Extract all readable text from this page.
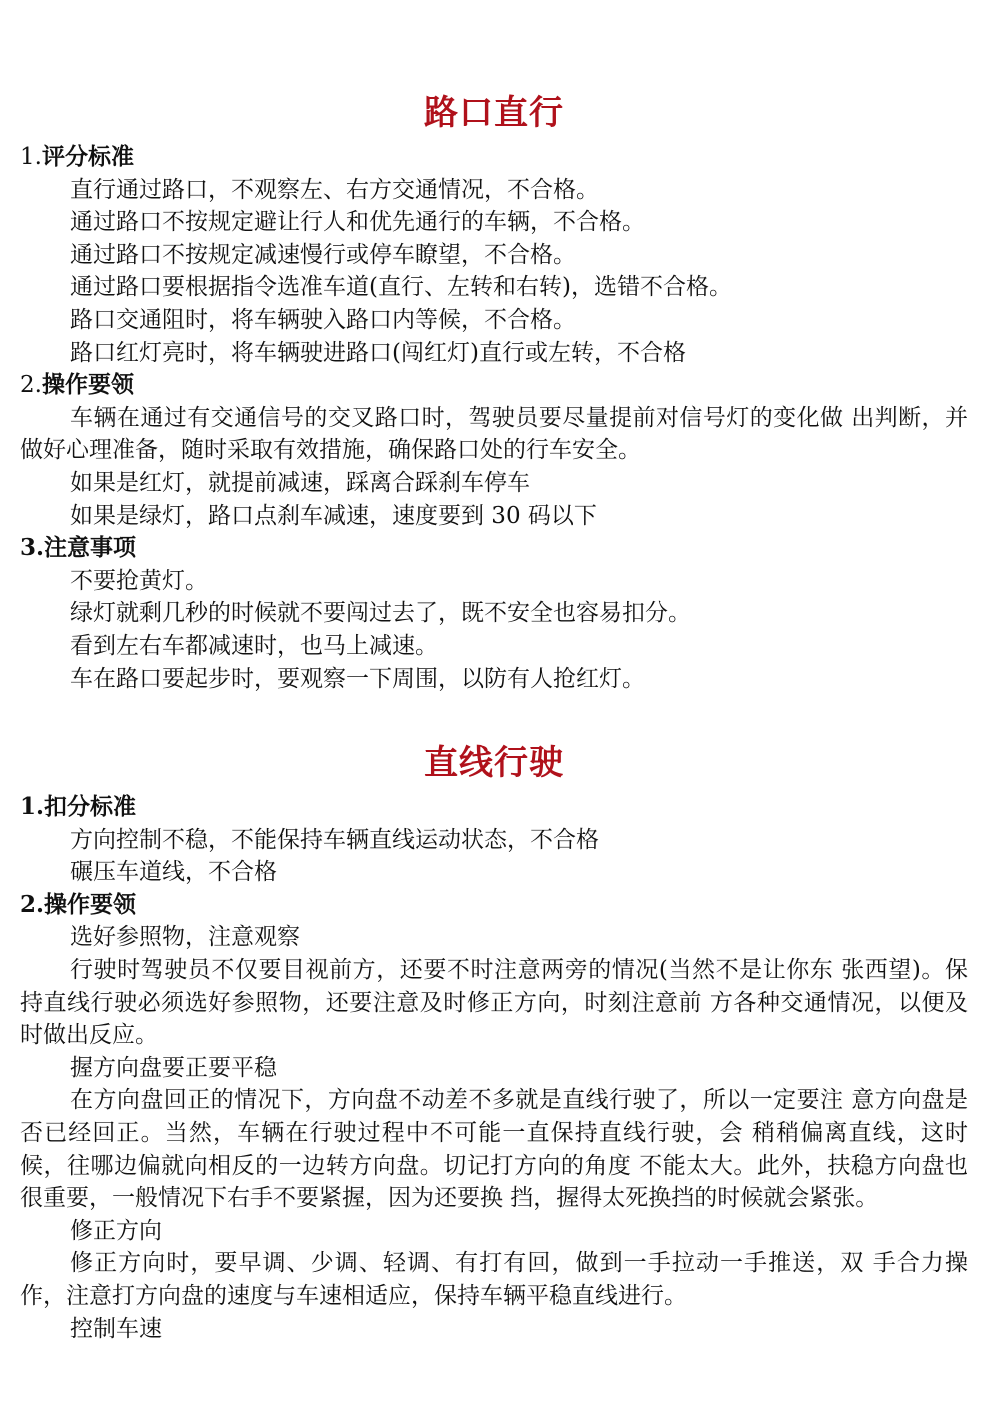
路口直行

1.评分标准

直行通过路口，不观察左、右方交通情况，不合格。

通过路口不按规定避让行人和优先通行的车辆，不合格。

通过路口不按规定减速慢行或停车瞭望，不合格。

通过路口要根据指令选准车道(直行、左转和右转)，选错不合格。

路口交通阻时，将车辆驶入路口内等候，不合格。

路口红灯亮时，将车辆驶进路口(闯红灯)直行或左转，不合格

2.操作要领

车辆在通过有交通信号的交叉路口时，驾驶员要尽量提前对信号灯的变化做 出判断，并做好心理准备，随时采取有效措施，确保路口处的行车安全。

如果是红灯，就提前减速，踩离合踩刹车停车

如果是绿灯，路口点刹车减速，速度要到 30 码以下

3.注意事项

不要抢黄灯。

绿灯就剩几秒的时候就不要闯过去了，既不安全也容易扣分。

看到左右车都减速时，也马上减速。

车在路口要起步时，要观察一下周围，以防有人抢红灯。

直线行驶

1.扣分标准

方向控制不稳，不能保持车辆直线运动状态，不合格

碾压车道线，不合格

2.操作要领

选好参照物，注意观察

行驶时驾驶员不仅要目视前方，还要不时注意两旁的情况(当然不是让你东 张西望)。保持直线行驶必须选好参照物，还要注意及时修正方向，时刻注意前 方各种交通情况，以便及时做出反应。

握方向盘要正要平稳

在方向盘回正的情况下，方向盘不动差不多就是直线行驶了，所以一定要注 意方向盘是否已经回正。当然，车辆在行驶过程中不可能一直保持直线行驶，会 稍稍偏离直线，这时候，往哪边偏就向相反的一边转方向盘。切记打方向的角度 不能太大。此外，扶稳方向盘也很重要，一般情况下右手不要紧握，因为还要换 挡，握得太死换挡的时候就会紧张。

修正方向

修正方向时，要早调、少调、轻调、有打有回，做到一手拉动一手推送，双 手合力操作，注意打方向盘的速度与车速相适应，保持车辆平稳直线进行。

控制车速
